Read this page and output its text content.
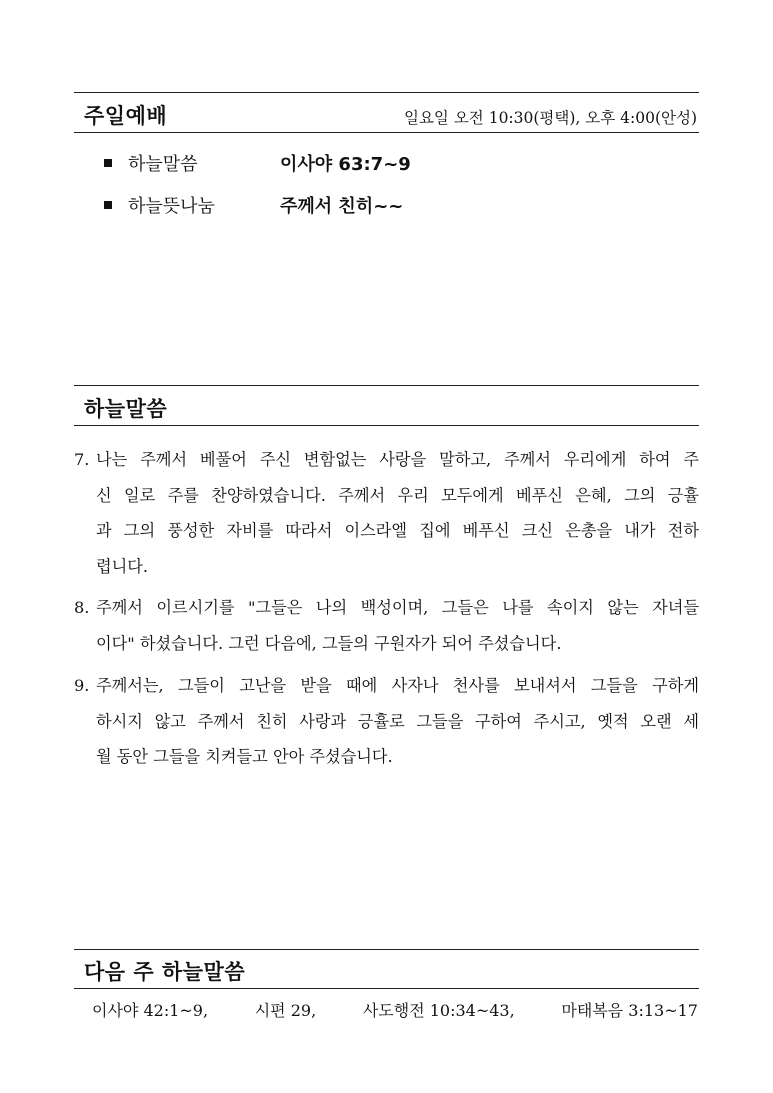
주일예배	일요일 오전 10:30(평택), 오후 4:00(안성)
하늘말씀	이사야 63:7~9
하늘뜻나눔	주께서 친히~~
하늘말씀
7. 나는 주께서 베풀어 주신 변함없는 사랑을 말하고, 주께서 우리에게 하여 주
신 일로 주를 찬양하였습니다. 주께서 우리 모두에게 베푸신 은혜, 그의 긍휼
과 그의 풍성한 자비를 따라서 이스라엘 집에 베푸신 크신 은총을 내가 전하
렵니다.
8. 주께서 이르시기를 "그들은 나의 백성이며, 그들은 나를 속이지 않는 자녀들
이다" 하셨습니다. 그런 다음에, 그들의 구원자가 되어 주셨습니다.
9. 주께서는, 그들이 고난을 받을 때에 사자나 천사를 보내셔서 그들을 구하게
하시지 않고 주께서 친히 사랑과 긍휼로 그들을 구하여 주시고, 옛적 오랜 세
월 동안 그들을 치켜들고 안아 주셨습니다.
다음 주 하늘말씀
이사야 42:1~9,	시편 29,	사도행전 10:34~43,	마태복음 3:13~17
